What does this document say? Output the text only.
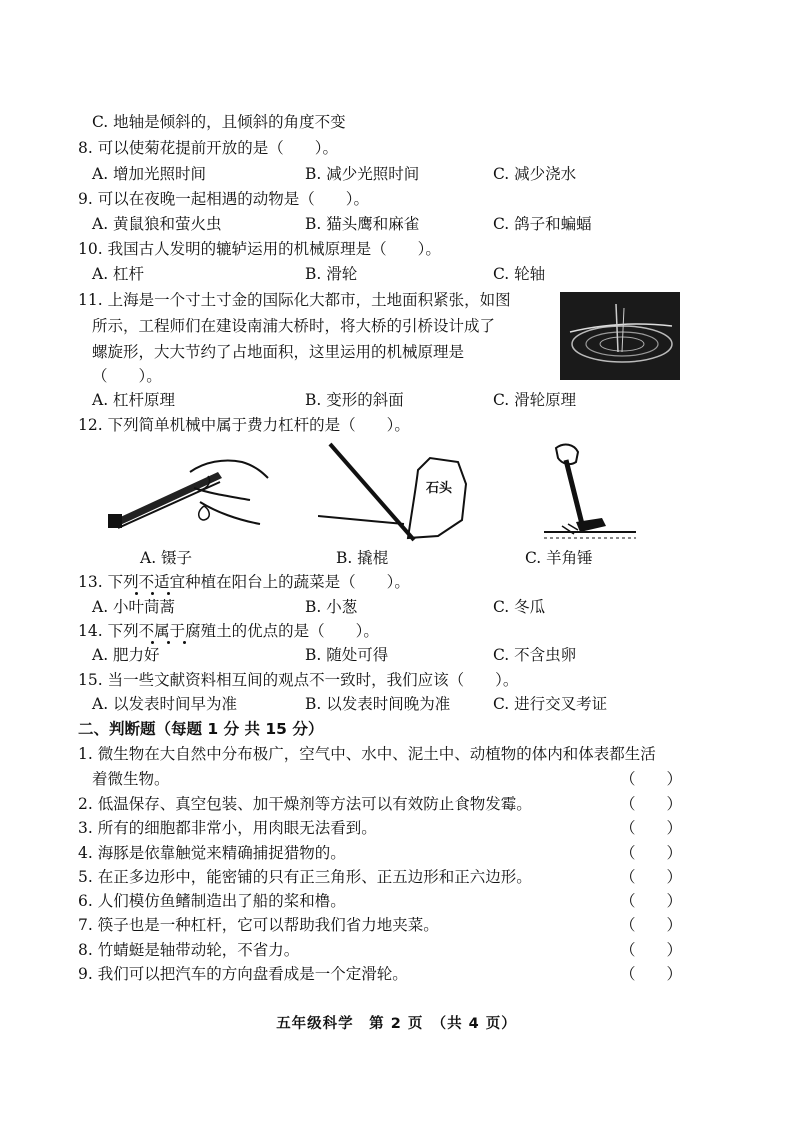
C. 地轴是倾斜的，且倾斜的角度不变
8. 可以使菊花提前开放的是（　　）。
A. 增加光照时间	B. 减少光照时间	C. 减少浇水
9. 可以在夜晚一起相遇的动物是（　　）。
A. 黄鼠狼和萤火虫	B. 猫头鹰和麻雀	C. 鸽子和蝙蝠
10. 我国古人发明的辘轳运用的机械原理是（　　）。
A. 杠杆	B. 滑轮	C. 轮轴
11. 上海是一个寸土寸金的国际化大都市，土地面积紧张，如图
所示，工程师们在建设南浦大桥时，将大桥的引桥设计成了
螺旋形，大大节约了占地面积，这里运用的机械原理是
（　　）。
A. 杠杆原理	B. 变形的斜面	C. 滑轮原理
12. 下列简单机械中属于费力杠杆的是（　　）。
石头
A. 镊子	B. 撬棍	C. 羊角锤
13. 下列不适宜种植在阳台上的蔬菜是（　　）。
A. 小叶茼蒿	B. 小葱	C. 冬瓜
14. 下列不属于腐殖土的优点的是（　　）。
A. 肥力好	B. 随处可得	C. 不含虫卵
15. 当一些文献资料相互间的观点不一致时，我们应该（　　）。
A. 以发表时间早为准	B. 以发表时间晚为准	C. 进行交叉考证
二、判断题（每题 1 分 共 15 分）
1. 微生物在大自然中分布极广，空气中、水中、泥土中、动植物的体内和体表都生活
着微生物。	（　　）
2. 低温保存、真空包装、加干燥剂等方法可以有效防止食物发霉。	（　　）
3. 所有的细胞都非常小，用肉眼无法看到。	（　　）
4. 海豚是依靠触觉来精确捕捉猎物的。	（　　）
5. 在正多边形中，能密铺的只有正三角形、正五边形和正六边形。	（　　）
6. 人们模仿鱼鳍制造出了船的桨和橹。	（　　）
7. 筷子也是一种杠杆，它可以帮助我们省力地夹菜。	（　　）
8. 竹蜻蜓是轴带动轮，不省力。	（　　）
9. 我们可以把汽车的方向盘看成是一个定滑轮。	（　　）
五年级科学　第 2 页　（共 4 页）
